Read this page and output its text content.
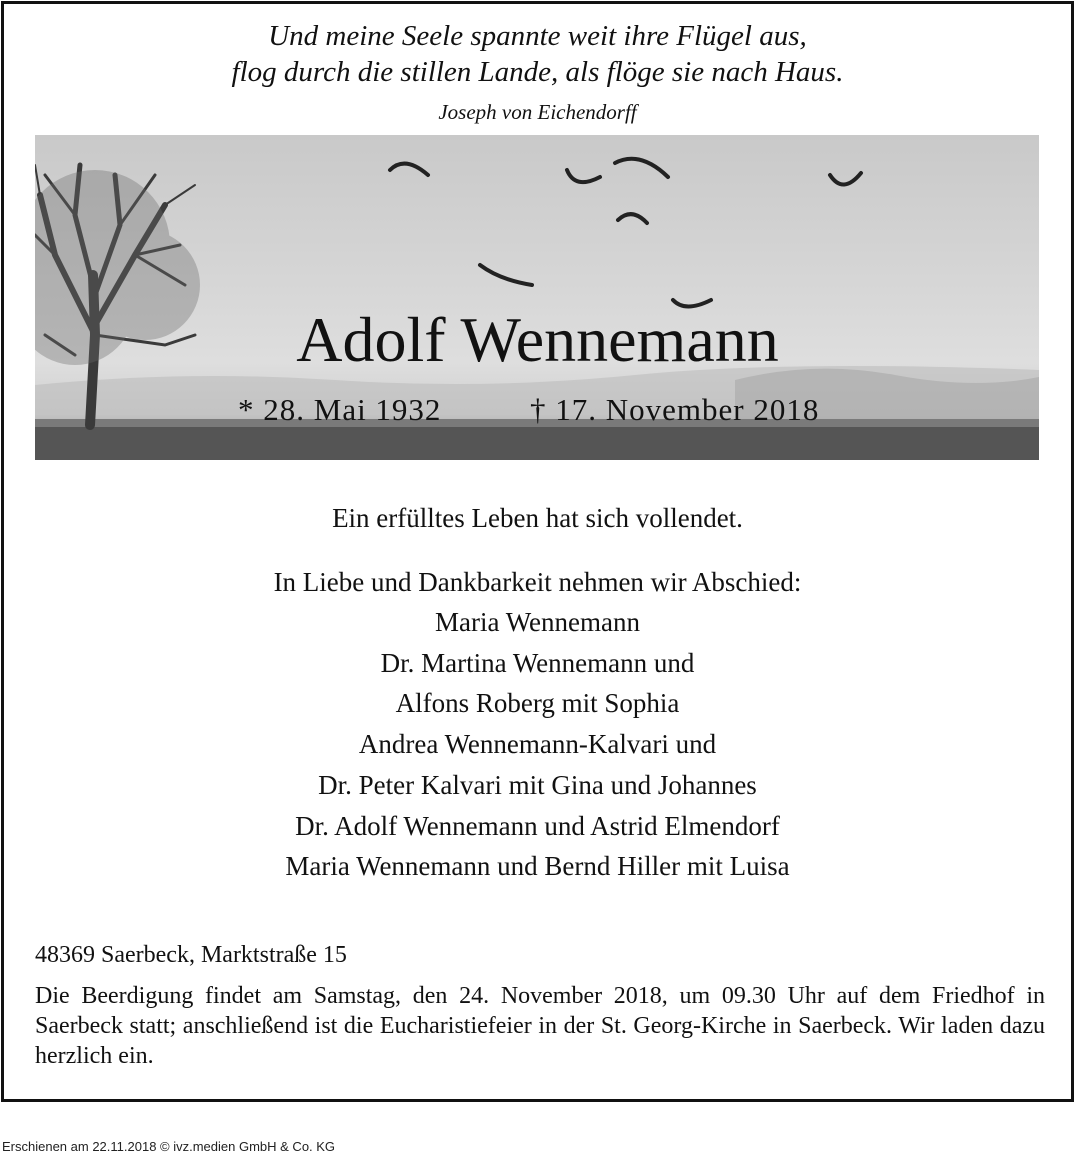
Und meine Seele spannte weit ihre Flügel aus,
flog durch die stillen Lande, als flöge sie nach Haus.
Joseph von Eichendorff
Adolf Wennemann
* 28. Mai 1932	† 17. November 2018
Ein erfülltes Leben hat sich vollendet.
In Liebe und Dankbarkeit nehmen wir Abschied:
Maria Wennemann
Dr. Martina Wennemann und
Alfons Roberg mit Sophia
Andrea Wennemann-Kalvari und
Dr. Peter Kalvari mit Gina und Johannes
Dr. Adolf Wennemann und Astrid Elmendorf
Maria Wennemann und Bernd Hiller mit Luisa
48369 Saerbeck, Marktstraße 15
Die Beerdigung findet am Samstag, den 24. November 2018, um 09.30 Uhr auf dem Friedhof in Saerbeck statt; anschließend ist die Eucharistiefeier in der St. Georg-Kirche in Saerbeck. Wir laden dazu herzlich ein.
Erschienen am 22.11.2018 © ivz.medien GmbH & Co. KG
